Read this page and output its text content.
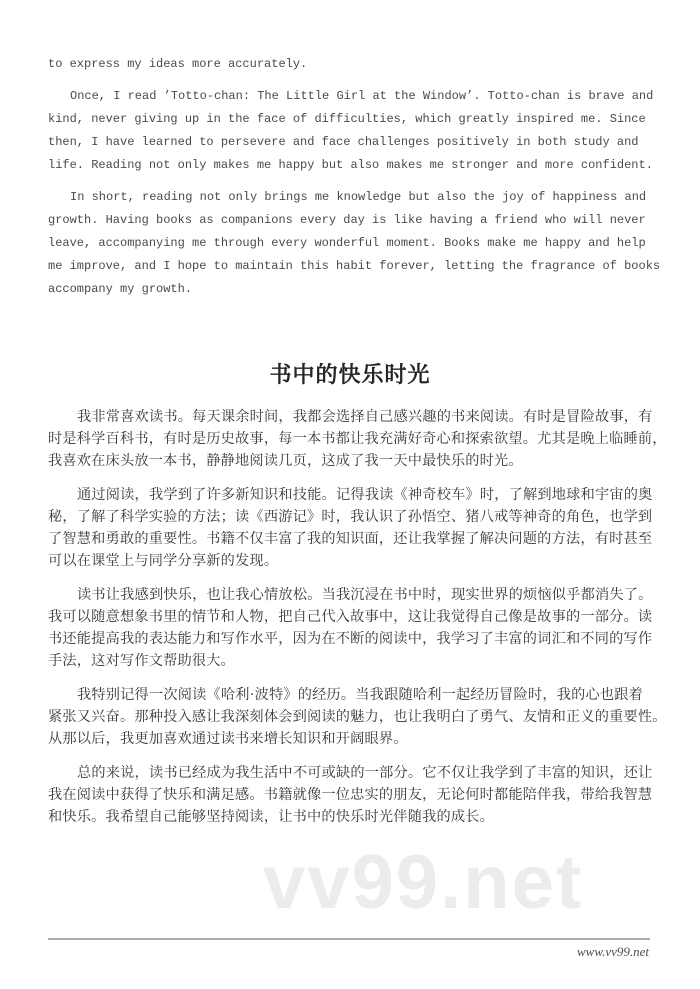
to express my ideas more accurately.
Once, I read ’Totto-chan: The Little Girl at the Window’. Totto-chan is brave and
kind, never giving up in the face of difficulties, which greatly inspired me. Since
then, I have learned to persevere and face challenges positively in both study and
life. Reading not only makes me happy but also makes me stronger and more confident.
In short, reading not only brings me knowledge but also the joy of happiness and
growth. Having books as companions every day is like having a friend who will never
leave, accompanying me through every wonderful moment. Books make me happy and help
me improve, and I hope to maintain this habit forever, letting the fragrance of books
accompany my growth.
书中的快乐时光
我非常喜欢读书。每天课余时间，我都会选择自己感兴趣的书来阅读。有时是冒险故事，有
时是科学百科书，有时是历史故事，每一本书都让我充满好奇心和探索欲望。尤其是晚上临睡前，
我喜欢在床头放一本书，静静地阅读几页，这成了我一天中最快乐的时光。
通过阅读，我学到了许多新知识和技能。记得我读《神奇校车》时，了解到地球和宇宙的奥
秘，了解了科学实验的方法；读《西游记》时，我认识了孙悟空、猪八戒等神奇的角色，也学到
了智慧和勇敢的重要性。书籍不仅丰富了我的知识面，还让我掌握了解决问题的方法，有时甚至
可以在课堂上与同学分享新的发现。
读书让我感到快乐，也让我心情放松。当我沉浸在书中时，现实世界的烦恼似乎都消失了。
我可以随意想象书里的情节和人物，把自己代入故事中，这让我觉得自己像是故事的一部分。读
书还能提高我的表达能力和写作水平，因为在不断的阅读中，我学习了丰富的词汇和不同的写作
手法，这对写作文帮助很大。
我特别记得一次阅读《哈利·波特》的经历。当我跟随哈利一起经历冒险时，我的心也跟着
紧张又兴奋。那种投入感让我深刻体会到阅读的魅力，也让我明白了勇气、友情和正义的重要性。
从那以后，我更加喜欢通过读书来增长知识和开阔眼界。
总的来说，读书已经成为我生活中不可或缺的一部分。它不仅让我学到了丰富的知识，还让
我在阅读中获得了快乐和满足感。书籍就像一位忠实的朋友，无论何时都能陪伴我，带给我智慧
和快乐。我希望自己能够坚持阅读，让书中的快乐时光伴随我的成长。
vv99.net
www.vv99.net
